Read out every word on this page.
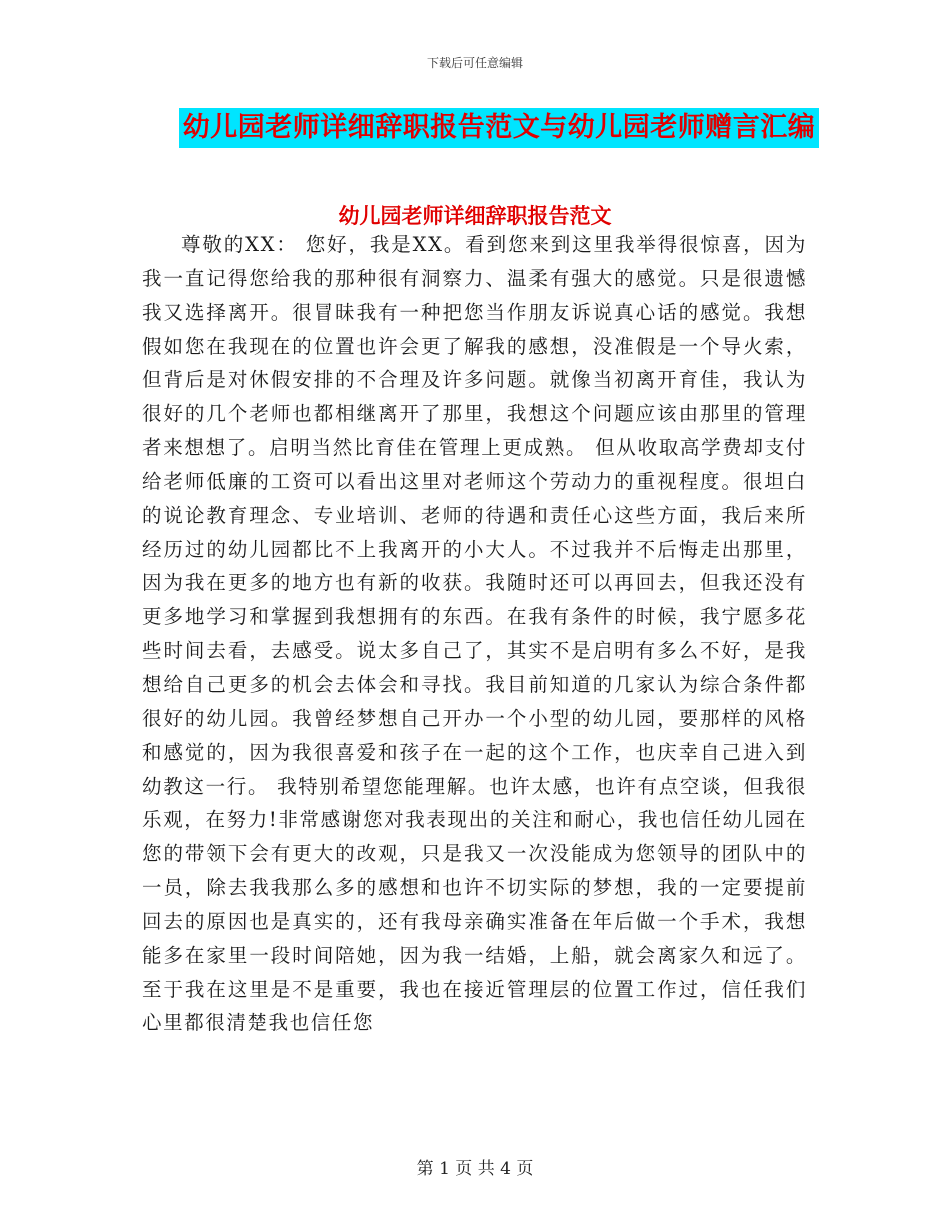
下载后可任意编辑
幼儿园老师详细辞职报告范文与幼儿园老师赠言汇编
幼儿园老师详细辞职报告范文

尊敬的XX： 您好，我是XX。看到您来到这里我举得很惊喜，因为我一直记得您给我的那种很有洞察力、温柔有强大的感觉。只是很遗憾我又选择离开。很冒昧我有一种把您当作朋友诉说真心话的感觉。我想假如您在我现在的位置也许会更了解我的感想，没准假是一个导火索，但背后是对休假安排的不合理及许多问题。就像当初离开育佳，我认为很好的几个老师也都相继离开了那里，我想这个问题应该由那里的管理者来想想了。启明当然比育佳在管理上更成熟。 但从收取高学费却支付给老师低廉的工资可以看出这里对老师这个劳动力的重视程度。很坦白的说论教育理念、专业培训、老师的待遇和责任心这些方面，我后来所经历过的幼儿园都比不上我离开的小大人。不过我并不后悔走出那里，因为我在更多的地方也有新的收获。我随时还可以再回去，但我还没有更多地学习和掌握到我想拥有的东西。在我有条件的时候，我宁愿多花些时间去看，去感受。说太多自己了，其实不是启明有多么不好，是我想给自己更多的机会去体会和寻找。我目前知道的几家认为综合条件都很好的幼儿园。我曾经梦想自己开办一个小型的幼儿园，要那样的风格和感觉的，因为我很喜爱和孩子在一起的这个工作，也庆幸自己进入到幼教这一行。 我特别希望您能理解。也许太感，也许有点空谈，但我很乐观，在努力!非常感谢您对我表现出的关注和耐心，我也信任幼儿园在您的带领下会有更大的改观，只是我又一次没能成为您领导的团队中的一员，除去我我那么多的感想和也许不切实际的梦想，我的一定要提前回去的原因也是真实的，还有我母亲确实准备在年后做一个手术，我想能多在家里一段时间陪她，因为我一结婚，上船，就会离家久和远了。至于我在这里是不是重要，我也在接近管理层的位置工作过，信任我们心里都很清楚我也信任您

第 1 页 共 4 页
